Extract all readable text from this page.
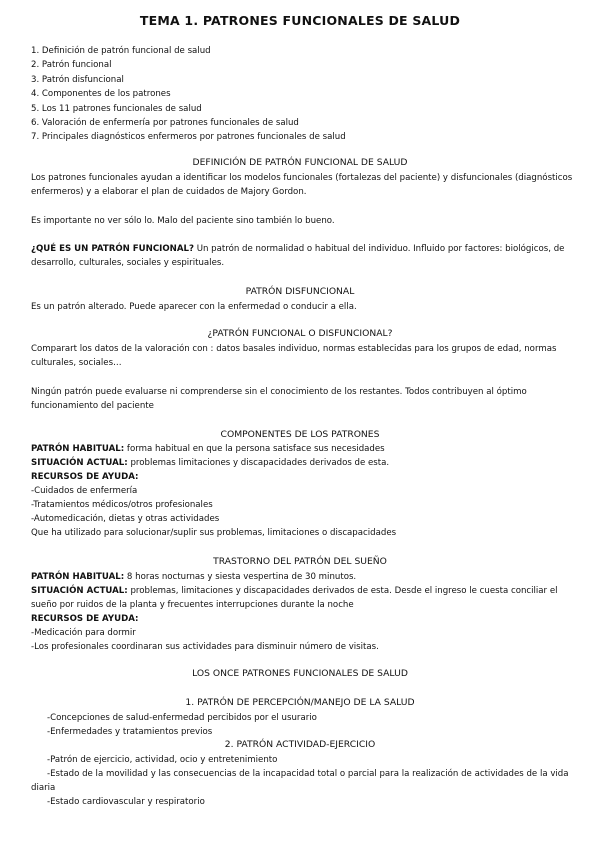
TEMA 1. PATRONES FUNCIONALES DE SALUD
1. Definición de patrón funcional de salud
2. Patrón funcional
3. Patrón disfuncional
4. Componentes de los patrones
5. Los 11 patrones funcionales de salud
6. Valoración de enfermería por patrones funcionales de salud
7. Principales diagnósticos enfermeros por patrones funcionales de salud
DEFINICIÓN DE PATRÓN FUNCIONAL DE SALUD
Los patrones funcionales ayudan a identificar los modelos funcionales (fortalezas del paciente) y disfuncionales (diagnósticos enfermeros) y a elaborar el plan de cuidados de Majory Gordon.
Es importante no ver sólo lo. Malo del paciente sino también lo bueno.
¿QUÉ ES UN PATRÓN FUNCIONAL? Un patrón de normalidad o habitual del individuo. Influido por factores: biológicos, de desarrollo, culturales, sociales y espirituales.
PATRÓN DISFUNCIONAL
Es un patrón alterado. Puede aparecer con la enfermedad o conducir a ella.
¿PATRÓN FUNCIONAL O DISFUNCIONAL?
Comparart los datos de la valoración con : datos basales individuo, normas establecidas para los grupos de edad, normas culturales, sociales…
Ningún patrón puede evaluarse ni comprenderse sin el conocimiento de los restantes. Todos contribuyen al óptimo funcionamiento del paciente
COMPONENTES DE LOS PATRONES
PATRÓN HABITUAL: forma habitual en que la persona satisface sus necesidades
SITUACIÓN ACTUAL: problemas limitaciones y discapacidades derivados de esta.
RECURSOS DE AYUDA:
-Cuidados de enfermería
-Tratamientos médicos/otros profesionales
-Automedicación, dietas y otras actividades
Que ha utilizado para solucionar/suplir sus problemas, limitaciones o discapacidades
TRASTORNO DEL PATRÓN DEL SUEÑO
PATRÓN HABITUAL: 8 horas nocturnas y siesta vespertina de 30 minutos.
SITUACIÓN ACTUAL: problemas, limitaciones y discapacidades derivados de esta. Desde el ingreso le cuesta conciliar el sueño por ruidos de la planta y frecuentes interrupciones durante la noche
RECURSOS DE AYUDA:
-Medicación para dormir
-Los profesionales coordinaran sus actividades para disminuir número de visitas.
LOS ONCE PATRONES FUNCIONALES DE SALUD
1. PATRÓN DE PERCEPCIÓN/MANEJO DE LA SALUD
-Concepciones de salud-enfermedad percibidos por el usurario
-Enfermedades y tratamientos previos
2. PATRÓN ACTIVIDAD-EJERCICIO
-Patrón de ejercicio, actividad, ocio y entretenimiento
-Estado de la movilidad y las consecuencias de la incapacidad total o parcial para la realización de actividades de la vida diaria
-Estado cardiovascular y respiratorio
